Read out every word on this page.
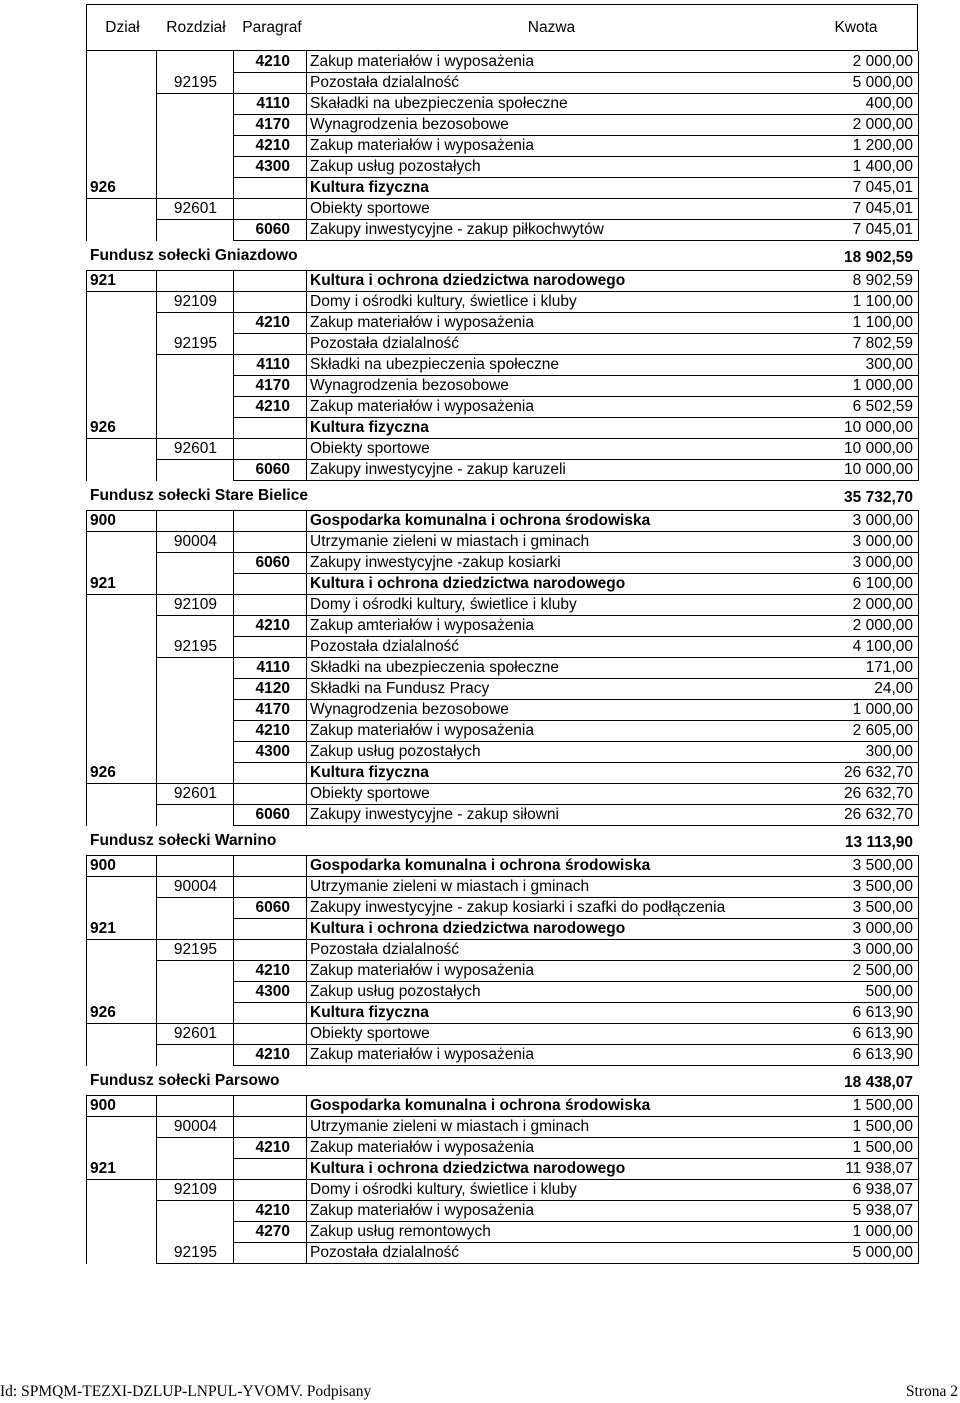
Dział	Rozdział	Paragraf	Nazwa	Kwota
4210 Zakup materiałów i wyposażenia	2 000,00
92195	Pozostała dzialalność	5 000,00
4110 Skaładki na ubezpieczenia społeczne	400,00
4170 Wynagrodzenia bezosobowe	2 000,00
4210 Zakup materiałów i wyposażenia	1 200,00
4300 Zakup usług pozostałych	1 400,00
926	Kultura fizyczna	7 045,01
92601	Obiekty sportowe	7 045,01
6060 Zakupy inwestycyjne - zakup piłkochwytów	7 045,01
Fundusz sołecki Gniazdowo	18 902,59
921	Kultura i ochrona dziedzictwa narodowego	8 902,59
92109	Domy i ośrodki kultury, świetlice i kluby	1 100,00
4210 Zakup materiałów i wyposażenia	1 100,00
92195	Pozostała dzialalność	7 802,59
4110 Składki na ubezpieczenia społeczne	300,00
4170 Wynagrodzenia bezosobowe	1 000,00
4210 Zakup materiałów i wyposażenia	6 502,59
926	Kultura fizyczna	10 000,00
92601	Obiekty sportowe	10 000,00
6060 Zakupy inwestycyjne - zakup karuzeli	10 000,00
Fundusz sołecki Stare Bielice	35 732,70
900	Gospodarka komunalna i ochrona środowiska	3 000,00
90004	Utrzymanie zieleni w miastach i gminach	3 000,00
6060 Zakupy inwestycyjne -zakup kosiarki	3 000,00
921	Kultura i ochrona dziedzictwa narodowego	6 100,00
92109	Domy i ośrodki kultury, świetlice i kluby	2 000,00
4210 Zakup amteriałów i wyposażenia	2 000,00
92195	Pozostała dzialalność	4 100,00
4110 Składki na ubezpieczenia społeczne	171,00
4120 Składki na Fundusz Pracy	24,00
4170 Wynagrodzenia bezosobowe	1 000,00
4210 Zakup materiałów i wyposażenia	2 605,00
4300 Zakup usług pozostałych	300,00
926	Kultura fizyczna	26 632,70
92601	Obiekty sportowe	26 632,70
6060 Zakupy inwestycyjne - zakup siłowni	26 632,70
Fundusz sołecki Warnino	13 113,90
900	Gospodarka komunalna i ochrona środowiska	3 500,00
90004	Utrzymanie zieleni w miastach i gminach	3 500,00
6060 Zakupy inwestycyjne - zakup kosiarki i szafki do podłączenia	3 500,00
921	Kultura i ochrona dziedzictwa narodowego	3 000,00
92195	Pozostała dzialalność	3 000,00
4210 Zakup materiałów i wyposażenia	2 500,00
4300 Zakup usług pozostałych	500,00
926	Kultura fizyczna	6 613,90
92601	Obiekty sportowe	6 613,90
4210 Zakup materiałów i wyposażenia	6 613,90
Fundusz sołecki Parsowo	18 438,07
900	Gospodarka komunalna i ochrona środowiska	1 500,00
90004	Utrzymanie zieleni w miastach i gminach	1 500,00
4210 Zakup materiałów i wyposażenia	1 500,00
921	Kultura i ochrona dziedzictwa narodowego	11 938,07
92109	Domy i ośrodki kultury, świetlice i kluby	6 938,07
4210 Zakup materiałów i wyposażenia	5 938,07
4270 Zakup usług remontowych	1 000,00
92195	Pozostała dzialalność	5 000,00
Id: SPMQM-TEZXI-DZLUP-LNPUL-YVOMV. Podpisany	Strona 2
